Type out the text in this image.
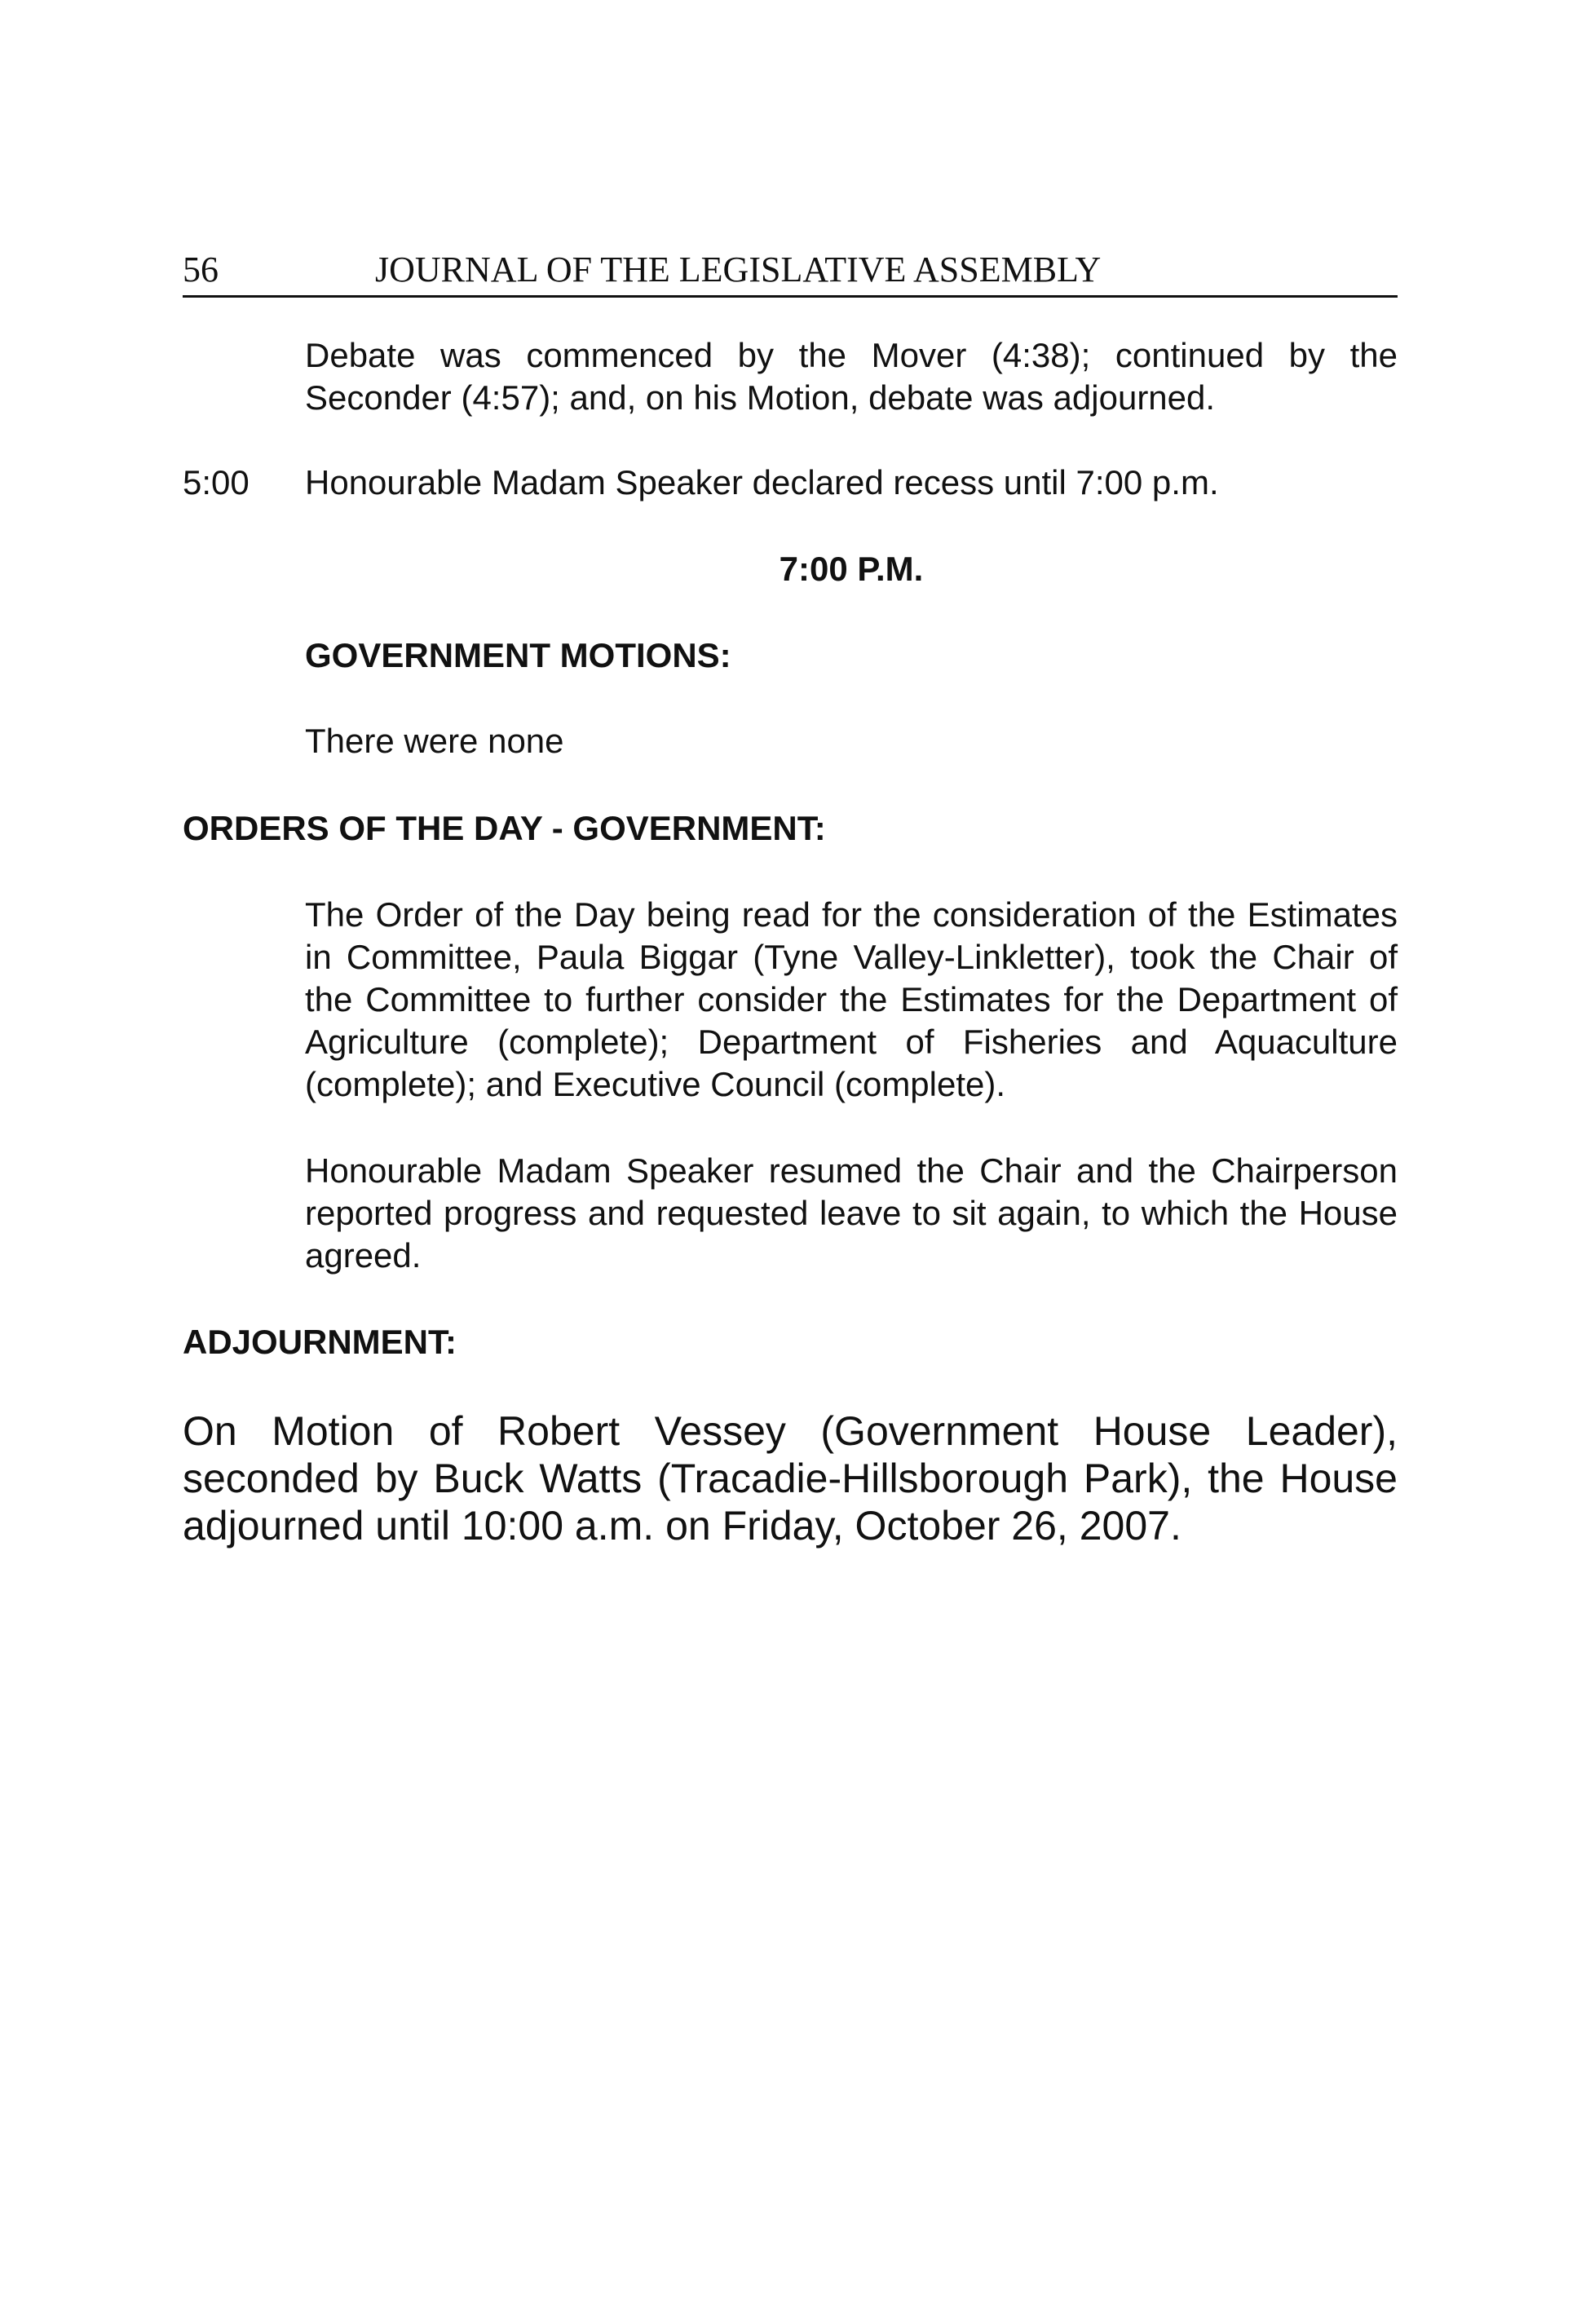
56	JOURNAL OF THE LEGISLATIVE ASSEMBLY

Debate was commenced by the Mover (4:38); continued by the Seconder (4:57); and, on his Motion, debate was adjourned.

5:00 Honourable Madam Speaker declared recess until 7:00 p.m.

7:00 P.M.

GOVERNMENT MOTIONS:

There were none

ORDERS OF THE DAY - GOVERNMENT:

The Order of the Day being read for the consideration of the Estimates in Committee, Paula Biggar (Tyne Valley-Linkletter), took the Chair of the Committee to further consider the Estimates for the Department of Agriculture (complete); Department of Fisheries and Aquaculture (complete); and Executive Council (complete).

Honourable Madam Speaker resumed the Chair and the Chairperson reported progress and requested leave to sit again, to which the House agreed.

ADJOURNMENT:

On Motion of Robert Vessey (Government House Leader), seconded by Buck Watts (Tracadie-Hillsborough Park), the House adjourned until 10:00 a.m. on Friday, October 26, 2007.
